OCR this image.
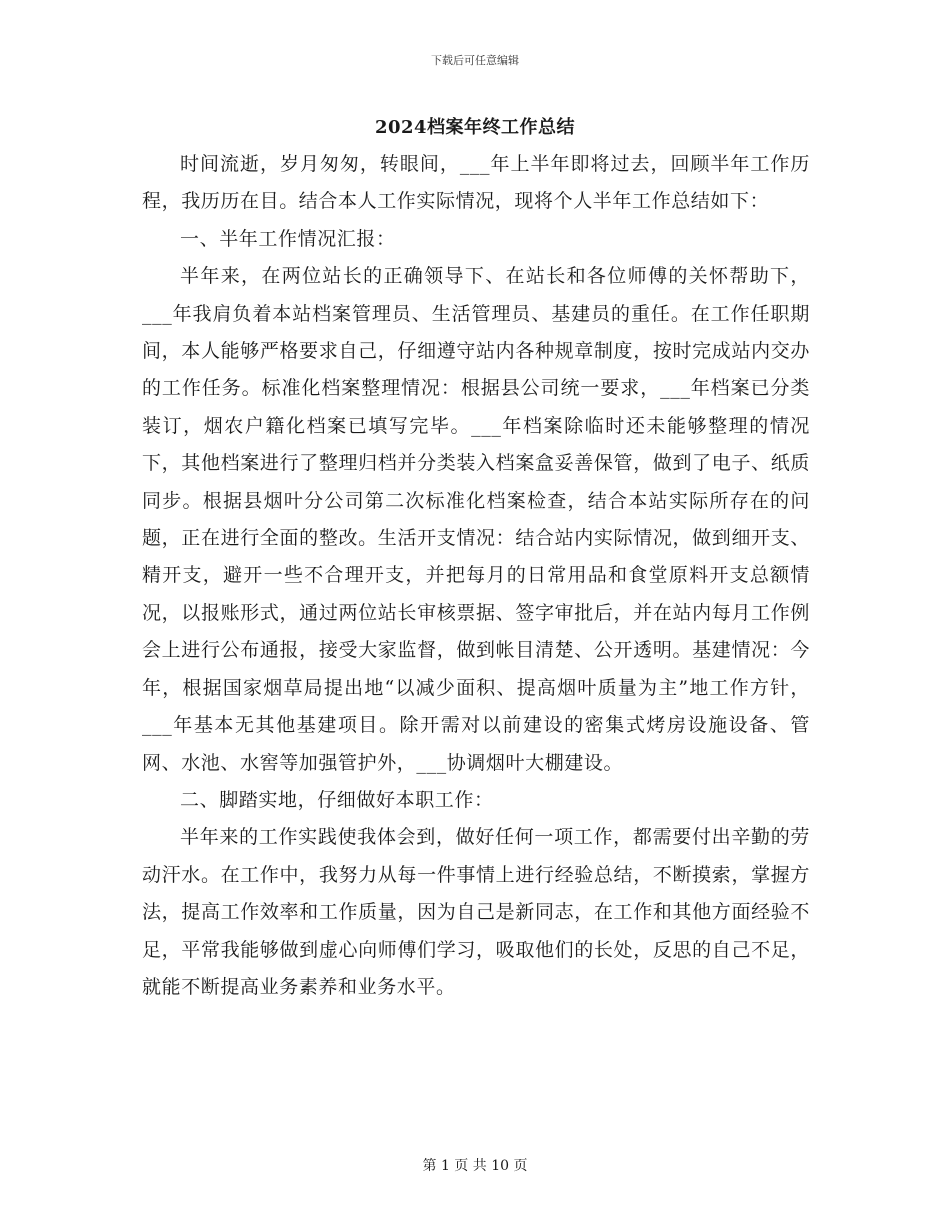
下载后可任意编辑
2024档案年终工作总结

时间流逝，岁月匆匆，转眼间，___年上半年即将过去，回顾半年工作历程，我历历在目。结合本人工作实际情况，现将个人半年工作总结如下：

一、半年工作情况汇报：

半年来，在两位站长的正确领导下、在站长和各位师傅的关怀帮助下，___年我肩负着本站档案管理员、生活管理员、基建员的重任。在工作任职期间，本人能够严格要求自己，仔细遵守站内各种规章制度，按时完成站内交办的工作任务。标准化档案整理情况：根据县公司统一要求，___年档案已分类装订，烟农户籍化档案已填写完毕。___年档案除临时还未能够整理的情况下，其他档案进行了整理归档并分类装入档案盒妥善保管，做到了电子、纸质同步。根据县烟叶分公司第二次标准化档案检查，结合本站实际所存在的问题，正在进行全面的整改。生活开支情况：结合站内实际情况，做到细开支、精开支，避开一些不合理开支，并把每月的日常用品和食堂原料开支总额情况，以报账形式，通过两位站长审核票据、签字审批后，并在站内每月工作例会上进行公布通报，接受大家监督，做到帐目清楚、公开透明。基建情况：今年，根据国家烟草局提出地“以减少面积、提高烟叶质量为主”地工作方针，___年基本无其他基建项目。除开需对以前建设的密集式烤房设施设备、管网、水池、水窖等加强管护外，___协调烟叶大棚建设。

二、脚踏实地，仔细做好本职工作：

半年来的工作实践使我体会到，做好任何一项工作，都需要付出辛勤的劳动汗水。在工作中，我努力从每一件事情上进行经验总结，不断摸索，掌握方法，提高工作效率和工作质量，因为自己是新同志，在工作和其他方面经验不足，平常我能够做到虚心向师傅们学习，吸取他们的长处，反思的自己不足，就能不断提高业务素养和业务水平。

第 1 页 共 10 页
